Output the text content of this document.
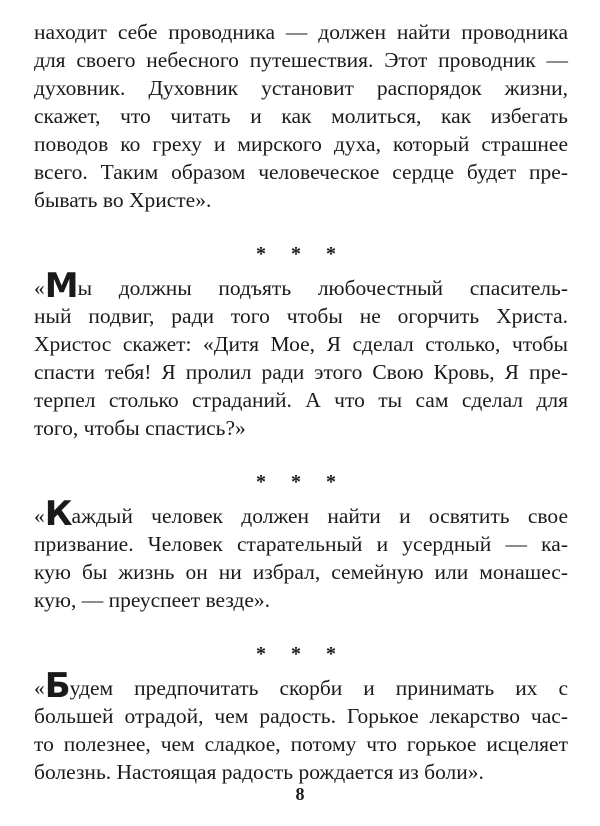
находит себе проводника — должен найти проводника
для своего небесного путешествия. Этот проводник —
духовник. Духовник установит распорядок жизни,
скажет, что читать и как молиться, как избегать
поводов ко греху и мирского духа, который страшнее
всего. Таким образом человеческое сердце будет пре-
бывать во Христе».
* * *
«Мы должны подъять любочестный спаситель-
ный подвиг, ради того чтобы не огорчить Христа.
Христос скажет: «Дитя Мое, Я сделал столько, чтобы
спасти тебя! Я пролил ради этого Свою Кровь, Я пре-
терпел столько страданий. А что ты сам сделал для
того, чтобы спастись?»
* * *
«Каждый человек должен найти и освятить свое
призвание. Человек старательный и усердный — ка-
кую бы жизнь он ни избрал, семейную или монашес-
кую, — преуспеет везде».
* * *
«Будем предпочитать скорби и принимать их с
большей отрадой, чем радость. Горькое лекарство час-
то полезнее, чем сладкое, потому что горькое исцеляет
болезнь. Настоящая радость рождается из боли».
8
